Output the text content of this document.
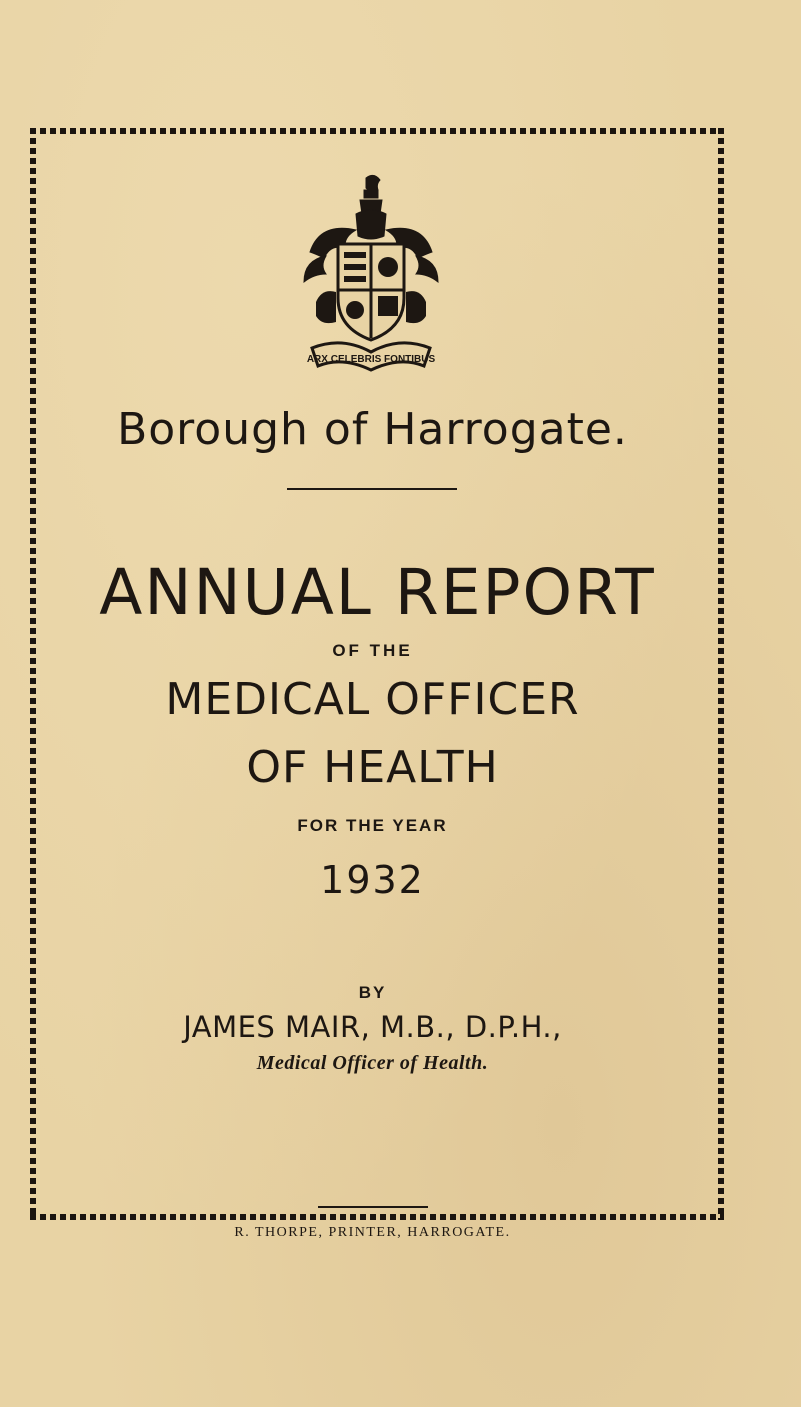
ARX CELEBRIS FONTIBUS
Borough of Harrogate.
ANNUAL REPORT
OF THE
MEDICAL OFFICER
OF HEALTH
FOR THE YEAR
1932
BY
JAMES MAIR, M.B., D.P.H.,
Medical Officer of Health.
R. THORPE, PRINTER, HARROGATE.
